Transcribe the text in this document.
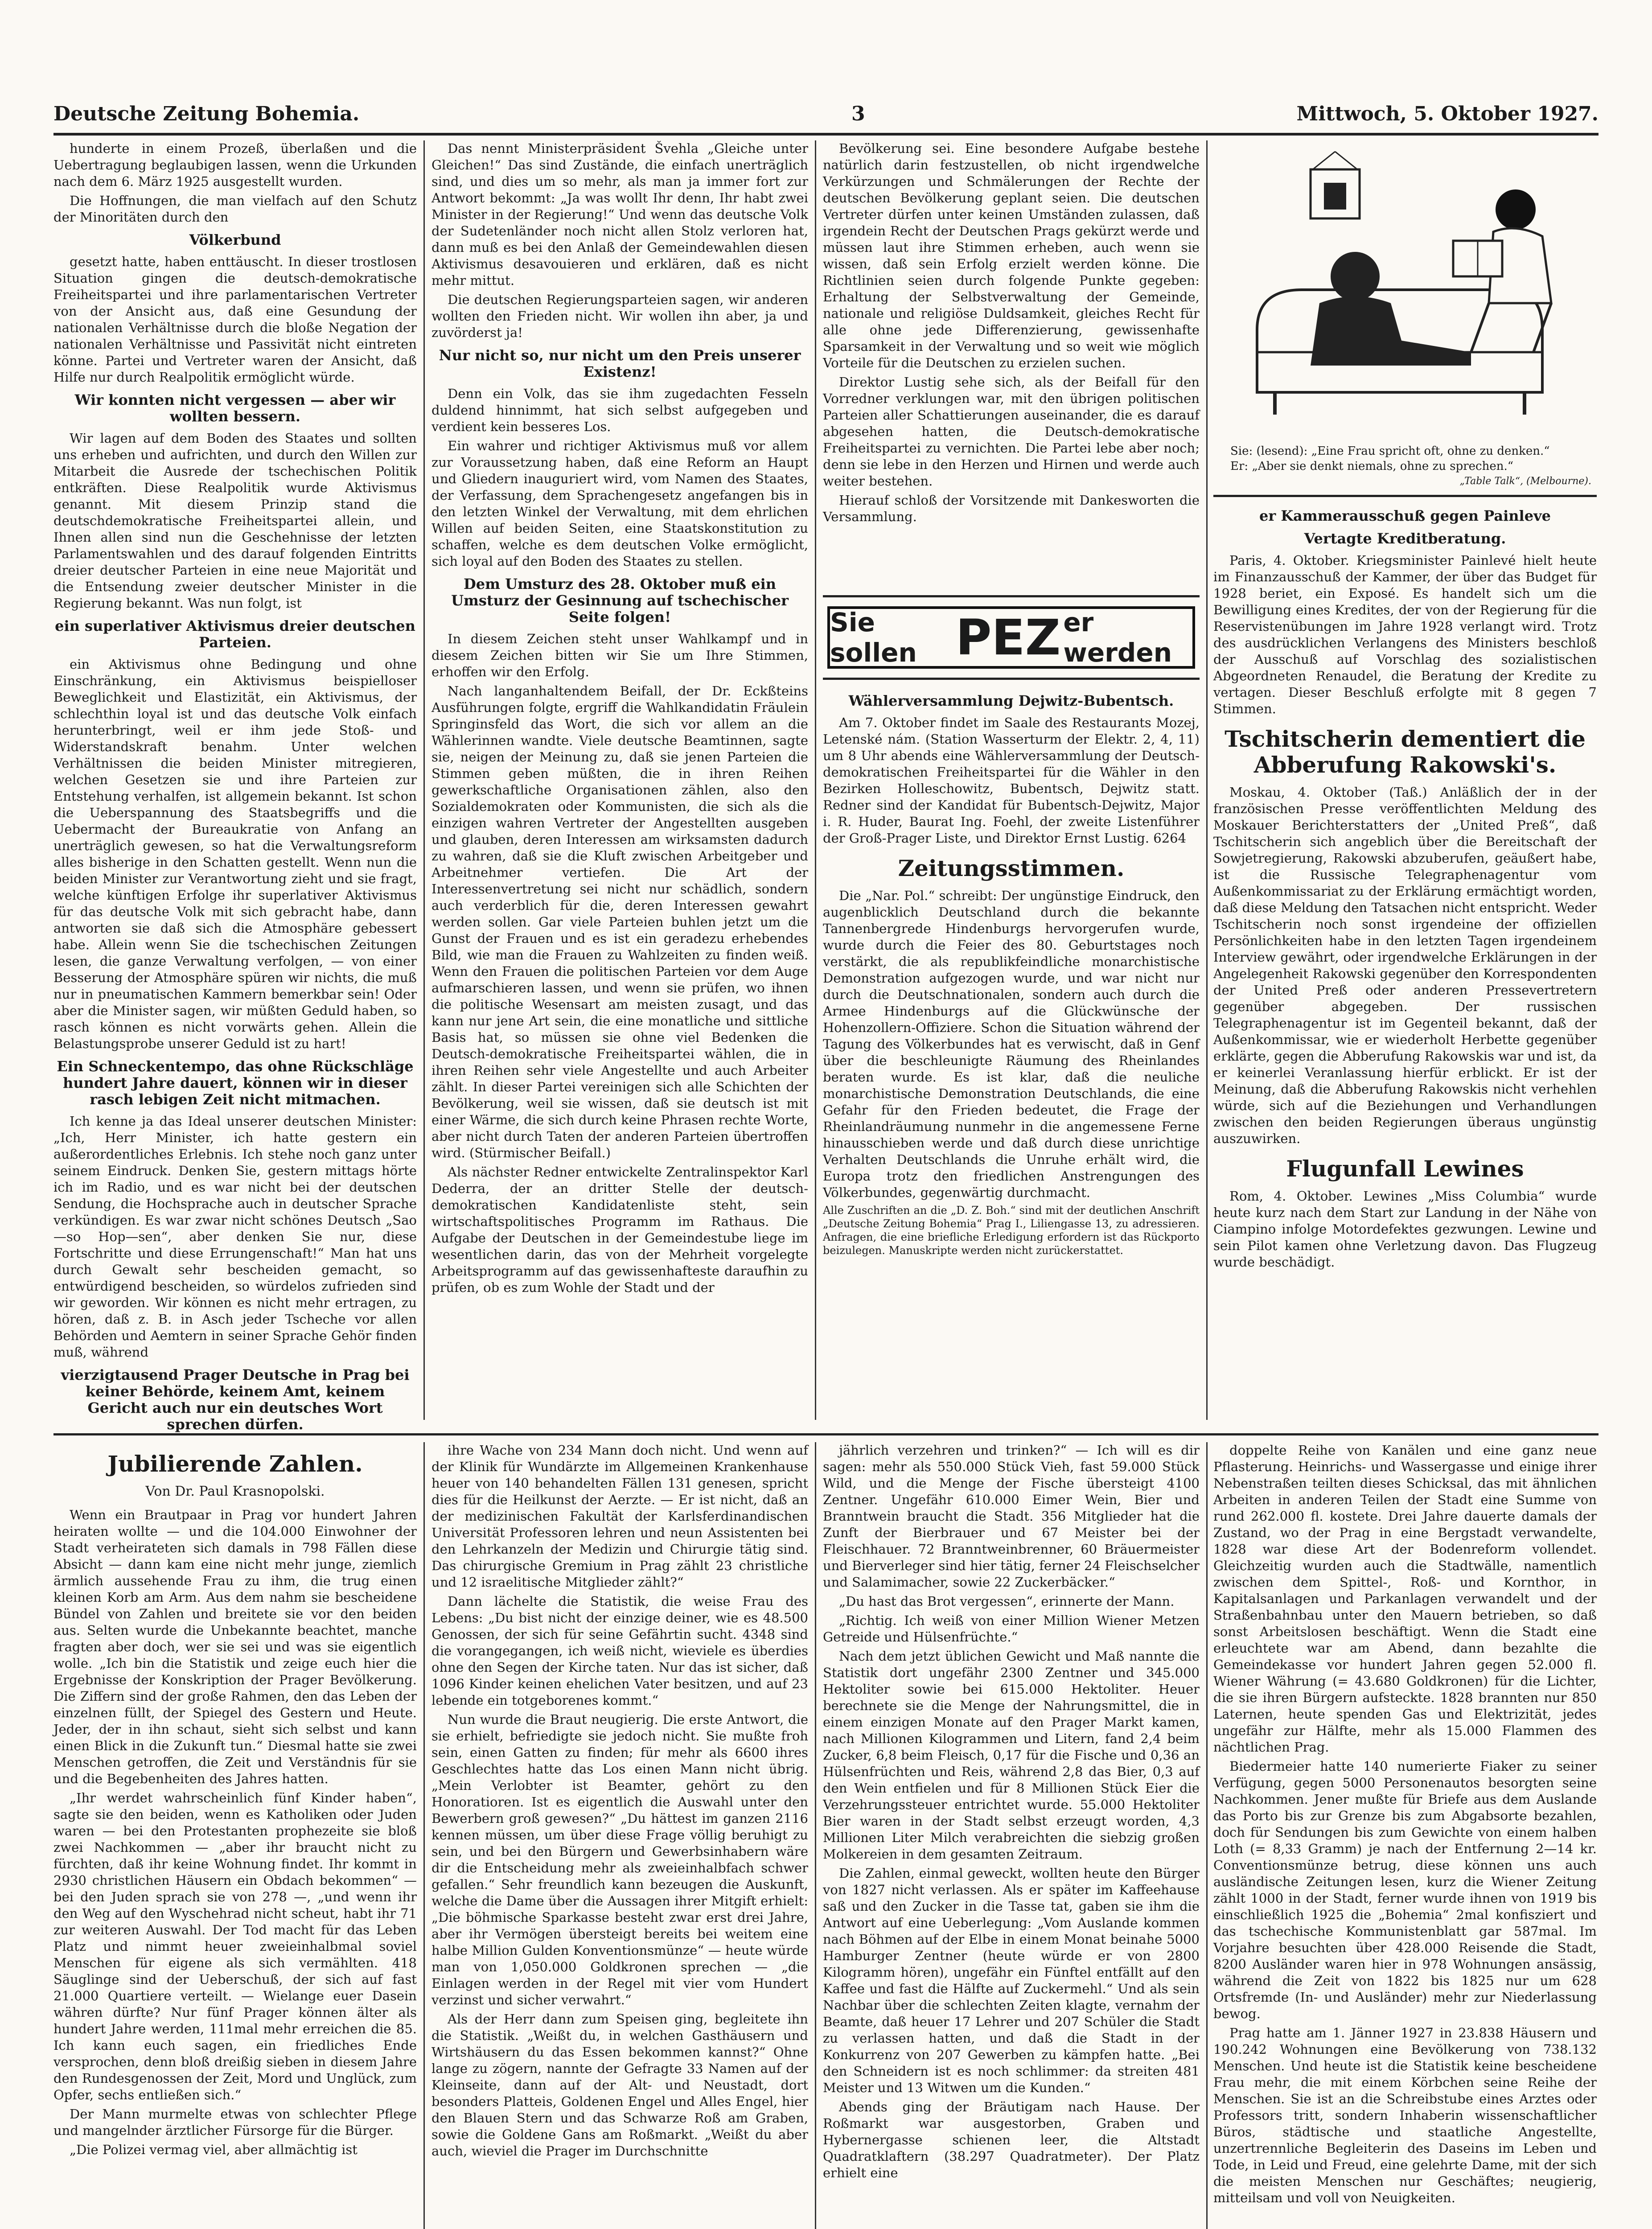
Deutsche Zeitung Bohemia.	3	Mittwoch, 5. Oktober 1927.

hunderte in einem Prozeß, überlaßen und die Uebertragung beglaubigen lassen, wenn die Urkunden nach dem 6. März 1925 ausgestellt wurden.

Die Hoffnungen, die man vielfach auf den Schutz der Minoritäten durch den

Völkerbund

gesetzt hatte, haben enttäuscht. In dieser trostlosen Situation gingen die deutsch-demokratische Freiheitspartei und ihre parlamentarischen Vertreter von der Ansicht aus, daß eine Gesundung der nationalen Verhältnisse durch die bloße Negation der nationalen Verhältnisse und Passivität nicht eintreten könne. Partei und Vertreter waren der Ansicht, daß Hilfe nur durch Realpolitik ermöglicht würde.

Wir konnten nicht vergessen — aber wir wollten bessern.

Wir lagen auf dem Boden des Staates und sollten uns erheben und aufrichten, und durch den Willen zur Mitarbeit die Ausrede der tschechischen Politik entkräften. Diese Realpolitik wurde Aktivismus genannt. Mit diesem Prinzip stand die deutschdemokratische Freiheitspartei allein, und Ihnen allen sind nun die Geschehnisse der letzten Parlamentswahlen und des darauf folgenden Eintritts dreier deutscher Parteien in eine neue Majorität und die Entsendung zweier deutscher Minister in die Regierung bekannt. Was nun folgt, ist

ein superlativer Aktivismus dreier deutschen Parteien.

ein Aktivismus ohne Bedingung und ohne Einschränkung, ein Aktivismus beispielloser Beweglichkeit und Elastizität, ein Aktivismus, der schlechthin loyal ist und das deutsche Volk einfach herunterbringt, weil er ihm jede Stoß- und Widerstandskraft benahm. Unter welchen Verhältnissen die beiden Minister mitregieren, welchen Gesetzen sie und ihre Parteien zur Entstehung verhalfen, ist allgemein bekannt. Ist schon die Ueberspannung des Staatsbegriffs und die Uebermacht der Bureaukratie von Anfang an unerträglich gewesen, so hat die Verwaltungsreform alles bisherige in den Schatten gestellt. Wenn nun die beiden Minister zur Verantwortung zieht und sie fragt, welche künftigen Erfolge ihr superlativer Aktivismus für das deutsche Volk mit sich gebracht habe, dann antworten sie daß sich die Atmosphäre gebessert habe. Allein wenn Sie die tschechischen Zeitungen lesen, die ganze Verwaltung verfolgen, — von einer Besserung der Atmosphäre spüren wir nichts, die muß nur in pneumatischen Kammern bemerkbar sein! Oder aber die Minister sagen, wir müßten Geduld haben, so rasch können es nicht vorwärts gehen. Allein die Belastungsprobe unserer Geduld ist zu hart!

Ein Schneckentempo, das ohne Rückschläge hundert Jahre dauert, können wir in dieser rasch lebigen Zeit nicht mitmachen.

Ich kenne ja das Ideal unserer deutschen Minister: „Ich, Herr Minister, ich hatte gestern ein außerordentliches Erlebnis. Ich stehe noch ganz unter seinem Eindruck. Denken Sie, gestern mittags hörte ich im Radio, und es war nicht bei der deutschen Sendung, die Hochsprache auch in deutscher Sprache verkündigen. Es war zwar nicht schönes Deutsch „Sao—so Hop—sen“, aber denken Sie nur, diese Fortschritte und diese Errungenschaft!“ Man hat uns durch Gewalt sehr bescheiden gemacht, so entwürdigend bescheiden, so würdelos zufrieden sind wir geworden. Wir können es nicht mehr ertragen, zu hören, daß z. B. in Asch jeder Tscheche vor allen Behörden und Aemtern in seiner Sprache Gehör finden muß, während

vierzigtausend Prager Deutsche in Prag bei keiner Behörde, keinem Amt, keinem Gericht auch nur ein deutsches Wort sprechen dürfen.

Das nennt Ministerpräsident Švehla „Gleiche unter Gleichen!“ Das sind Zustände, die einfach unerträglich sind, und dies um so mehr, als man ja immer fort zur Antwort bekommt: „Ja was wollt Ihr denn, Ihr habt zwei Minister in der Regierung!“ Und wenn das deutsche Volk der Sudetenländer noch nicht allen Stolz verloren hat, dann muß es bei den Anlaß der Gemeindewahlen diesen Aktivismus desavouieren und erklären, daß es nicht mehr mittut.

Die deutschen Regierungsparteien sagen, wir anderen wollten den Frieden nicht. Wir wollen ihn aber, ja und zuvörderst ja!

Nur nicht so, nur nicht um den Preis unserer Existenz!

Denn ein Volk, das sie ihm zugedachten Fesseln duldend hinnimmt, hat sich selbst aufgegeben und verdient kein besseres Los.

Ein wahrer und richtiger Aktivismus muß vor allem zur Voraussetzung haben, daß eine Reform an Haupt und Gliedern inauguriert wird, vom Namen des Staates, der Verfassung, dem Sprachengesetz angefangen bis in den letzten Winkel der Verwaltung, mit dem ehrlichen Willen auf beiden Seiten, eine Staatskonstitution zu schaffen, welche es dem deutschen Volke ermöglicht, sich loyal auf den Boden des Staates zu stellen.

Dem Umsturz des 28. Oktober muß ein Umsturz der Gesinnung auf tschechischer Seite folgen!

In diesem Zeichen steht unser Wahlkampf und in diesem Zeichen bitten wir Sie um Ihre Stimmen, erhoffen wir den Erfolg.

Nach langanhaltendem Beifall, der Dr. Eckßteins Ausführungen folgte, ergriff die Wahlkandidatin Fräulein Springinsfeld das Wort, die sich vor allem an die Wählerinnen wandte. Viele deutsche Beamtinnen, sagte sie, neigen der Meinung zu, daß sie jenen Parteien die Stimmen geben müßten, die in ihren Reihen gewerkschaftliche Organisationen zählen, also den Sozialdemokraten oder Kommunisten, die sich als die einzigen wahren Vertreter der Angestellten ausgeben und glauben, deren Interessen am wirksamsten dadurch zu wahren, daß sie die Kluft zwischen Arbeitgeber und Arbeitnehmer vertiefen. Die Art der Interessenvertretung sei nicht nur schädlich, sondern auch verderblich für die, deren Interessen gewahrt werden sollen. Gar viele Parteien buhlen jetzt um die Gunst der Frauen und es ist ein geradezu erhebendes Bild, wie man die Frauen zu Wahlzeiten zu finden weiß. Wenn den Frauen die politischen Parteien vor dem Auge aufmarschieren lassen, und wenn sie prüfen, wo ihnen die politische Wesensart am meisten zusagt, und das kann nur jene Art sein, die eine monatliche und sittliche Basis hat, so müssen sie ohne viel Bedenken die Deutsch-demokratische Freiheitspartei wählen, die in ihren Reihen sehr viele Angestellte und auch Arbeiter zählt. In dieser Partei vereinigen sich alle Schichten der Bevölkerung, weil sie wissen, daß sie deutsch ist mit einer Wärme, die sich durch keine Phrasen rechte Worte, aber nicht durch Taten der anderen Parteien übertroffen wird. (Stürmischer Beifall.)

Als nächster Redner entwickelte Zentralinspektor Karl Dederra, der an dritter Stelle der deutsch-demokratischen Kandidatenliste steht, sein wirtschaftspolitisches Programm im Rathaus. Die Aufgabe der Deutschen in der Gemeindestube liege im wesentlichen darin, das von der Mehrheit vorgelegte Arbeitsprogramm auf das gewissenhafteste daraufhin zu prüfen, ob es zum Wohle der Stadt und der

Bevölkerung sei. Eine besondere Aufgabe bestehe natürlich darin festzustellen, ob nicht irgendwelche Verkürzungen und Schmälerungen der Rechte der deutschen Bevölkerung geplant seien. Die deutschen Vertreter dürfen unter keinen Umständen zulassen, daß irgendein Recht der Deutschen Prags gekürzt werde und müssen laut ihre Stimmen erheben, auch wenn sie wissen, daß sein Erfolg erzielt werden könne. Die Richtlinien seien durch folgende Punkte gegeben: Erhaltung der Selbstverwaltung der Gemeinde, nationale und religiöse Duldsamkeit, gleiches Recht für alle ohne jede Differenzierung, gewissenhafte Sparsamkeit in der Verwaltung und so weit wie möglich Vorteile für die Deutschen zu erzielen suchen.

Direktor Lustig sehe sich, als der Beifall für den Vorredner verklungen war, mit den übrigen politischen Parteien aller Schattierungen auseinander, die es darauf abgesehen hatten, die Deutsch-demokratische Freiheitspartei zu vernichten. Die Partei lebe aber noch; denn sie lebe in den Herzen und Hirnen und werde auch weiter bestehen.

Hierauf schloß der Vorsitzende mit Dankesworten die Versammlung.

Sie sollen PEZ er werden

Wählerversammlung Dejwitz-Bubentsch.

Am 7. Oktober findet im Saale des Restaurants Mozej, Letenské nám. (Station Wasserturm der Elektr. 2, 4, 11) um 8 Uhr abends eine Wählerversammlung der Deutsch-demokratischen Freiheitspartei für die Wähler in den Bezirken Holleschowitz, Bubentsch, Dejwitz statt. Redner sind der Kandidat für Bubentsch-Dejwitz, Major i. R. Huder, Baurat Ing. Foehl, der zweite Listenführer der Groß-Prager Liste, und Direktor Ernst Lustig. 6264

Zeitungsstimmen.

Die „Nar. Pol.“ schreibt: Der ungünstige Eindruck, den augenblicklich Deutschland durch die bekannte Tannenbergrede Hindenburgs hervorgerufen wurde, wurde durch die Feier des 80. Geburtstages noch verstärkt, die als republikfeindliche monarchistische Demonstration aufgezogen wurde, und war nicht nur durch die Deutschnationalen, sondern auch durch die Armee Hindenburgs auf die Glückwünsche der Hohenzollern-Offiziere. Schon die Situation während der Tagung des Völkerbundes hat es verwischt, daß in Genf über die beschleunigte Räumung des Rheinlandes beraten wurde. Es ist klar, daß die neuliche monarchistische Demonstration Deutschlands, die eine Gefahr für den Frieden bedeutet, die Frage der Rheinlandräumung nunmehr in die angemessene Ferne hinausschieben werde und daß durch diese unrichtige Verhalten Deutschlands die Unruhe erhält wird, die Europa trotz den friedlichen Anstrengungen des Völkerbundes, gegenwärtig durchmacht.

Alle Zuschriften an die „D. Z. Boh.“ sind mit der deutlichen Anschrift „Deutsche Zeitung Bohemia“ Prag I., Liliengasse 13, zu adressieren. Anfragen, die eine briefliche Erledigung erfordern ist das Rückporto beizulegen. Manuskripte werden nicht zurückerstattet.

Sie: (lesend): „Eine Frau spricht oft, ohne zu denken.“

Er: „Aber sie denkt niemals, ohne zu sprechen.“

„Table Talk“, (Melbourne).

er Kammerausschuß gegen Painleve

Vertagte Kreditberatung.

Paris, 4. Oktober. Kriegsminister Painlevé hielt heute im Finanzausschuß der Kammer, der über das Budget für 1928 beriet, ein Exposé. Es handelt sich um die Bewilligung eines Kredites, der von der Regierung für die Reservistenübungen im Jahre 1928 verlangt wird. Trotz des ausdrücklichen Verlangens des Ministers beschloß der Ausschuß auf Vorschlag des sozialistischen Abgeordneten Renaudel, die Beratung der Kredite zu vertagen. Dieser Beschluß erfolgte mit 8 gegen 7 Stimmen.

Tschitscherin dementiert die Abberufung Rakowski's.

Moskau, 4. Oktober (Taß.) Anläßlich der in der französischen Presse veröffentlichten Meldung des Moskauer Berichterstatters der „United Preß“, daß Tschitscherin sich angeblich über die Bereitschaft der Sowjetregierung, Rakowski abzuberufen, geäußert habe, ist die Russische Telegraphenagentur vom Außenkommissariat zu der Erklärung ermächtigt worden, daß diese Meldung den Tatsachen nicht entspricht. Weder Tschitscherin noch sonst irgendeine der offiziellen Persönlichkeiten habe in den letzten Tagen irgendeinem Interview gewährt, oder irgendwelche Erklärungen in der Angelegenheit Rakowski gegenüber den Korrespondenten der United Preß oder anderen Pressevertretern gegenüber abgegeben. Der russischen Telegraphenagentur ist im Gegenteil bekannt, daß der Außenkommissar, wie er wiederholt Herbette gegenüber erklärte, gegen die Abberufung Rakowskis war und ist, da er keinerlei Veranlassung hierfür erblickt. Er ist der Meinung, daß die Abberufung Rakowskis nicht verhehlen würde, sich auf die Beziehungen und Verhandlungen zwischen den beiden Regierungen überaus ungünstig auszuwirken.

Flugunfall Lewines

Rom, 4. Oktober. Lewines „Miss Columbia“ wurde heute kurz nach dem Start zur Landung in der Nähe von Ciampino infolge Motordefektes gezwungen. Lewine und sein Pilot kamen ohne Verletzung davon. Das Flugzeug wurde beschädigt.

Jubilierende Zahlen.

Von Dr. Paul Krasnopolski.

Wenn ein Brautpaar in Prag vor hundert Jahren heiraten wollte — und die 104.000 Einwohner der Stadt verheirateten sich damals in 798 Fällen diese Absicht — dann kam eine nicht mehr junge, ziemlich ärmlich aussehende Frau zu ihm, die trug einen kleinen Korb am Arm. Aus dem nahm sie bescheidene Bündel von Zahlen und breitete sie vor den beiden aus. Selten wurde die Unbekannte beachtet, manche fragten aber doch, wer sie sei und was sie eigentlich wolle. „Ich bin die Statistik und zeige euch hier die Ergebnisse der Konskription der Prager Bevölkerung. Die Ziffern sind der große Rahmen, den das Leben der einzelnen füllt, der Spiegel des Gestern und Heute. Jeder, der in ihn schaut, sieht sich selbst und kann einen Blick in die Zukunft tun.“ Diesmal hatte sie zwei Menschen getroffen, die Zeit und Verständnis für sie und die Begebenheiten des Jahres hatten.

„Ihr werdet wahrscheinlich fünf Kinder haben“, sagte sie den beiden, wenn es Katholiken oder Juden waren — bei den Protestanten prophezeite sie bloß zwei Nachkommen — „aber ihr braucht nicht zu fürchten, daß ihr keine Wohnung findet. Ihr kommt in 2930 christlichen Häusern ein Obdach bekommen“ — bei den Juden sprach sie von 278 —, „und wenn ihr den Weg auf den Wyschehrad nicht scheut, habt ihr 71 zur weiteren Auswahl. Der Tod macht für das Leben Platz und nimmt heuer zweieinhalbmal soviel Menschen für eigene als sich vermählten. 418 Säuglinge sind der Ueberschuß, der sich auf fast 21.000 Quartiere verteilt. — Wielange euer Dasein währen dürfte? Nur fünf Prager können älter als hundert Jahre werden, 111mal mehr erreichen die 85. Ich kann euch sagen, ein friedliches Ende versprochen, denn bloß dreißig sieben in diesem Jahre den Rundesgenossen der Zeit, Mord und Unglück, zum Opfer, sechs entließen sich.“

Der Mann murmelte etwas von schlechter Pflege und mangelnder ärztlicher Fürsorge für die Bürger.

„Die Polizei vermag viel, aber allmächtig ist

ihre Wache von 234 Mann doch nicht. Und wenn auf der Klinik für Wundärzte im Allgemeinen Krankenhause heuer von 140 behandelten Fällen 131 genesen, spricht dies für die Heilkunst der Aerzte. — Er ist nicht, daß an der medizinischen Fakultät der Karlsferdinandischen Universität Professoren lehren und neun Assistenten bei den Lehrkanzeln der Medizin und Chirurgie tätig sind. Das chirurgische Gremium in Prag zählt 23 christliche und 12 israelitische Mitglieder zählt?“

Dann lächelte die Statistik, die weise Frau des Lebens: „Du bist nicht der einzige deiner, wie es 48.500 Genossen, der sich für seine Gefährtin sucht. 4348 sind die vorangegangen, ich weiß nicht, wieviele es überdies ohne den Segen der Kirche taten. Nur das ist sicher, daß 1096 Kinder keinen ehelichen Vater besitzen, und auf 23 lebende ein totgeborenes kommt.“

Nun wurde die Braut neugierig. Die erste Antwort, die sie erhielt, befriedigte sie jedoch nicht. Sie mußte froh sein, einen Gatten zu finden; für mehr als 6600 ihres Geschlechtes hatte das Los einen Mann nicht übrig. „Mein Verlobter ist Beamter, gehört zu den Honoratioren. Ist es eigentlich die Auswahl unter den Bewerbern groß gewesen?“ „Du hättest im ganzen 2116 kennen müssen, um über diese Frage völlig beruhigt zu sein, und bei den Bürgern und Gewerbsinhabern wäre dir die Entscheidung mehr als zweieinhalbfach schwer gefallen.“ Sehr freundlich kann bezeugen die Auskunft, welche die Dame über die Aussagen ihrer Mitgift erhielt: „Die böhmische Sparkasse besteht zwar erst drei Jahre, aber ihr Vermögen übersteigt bereits bei weitem eine halbe Million Gulden Konventionsmünze“ — heute würde man von 1,050.000 Goldkronen sprechen — „die Einlagen werden in der Regel mit vier vom Hundert verzinst und sicher verwahrt.“

Als der Herr dann zum Speisen ging, begleitete ihn die Statistik. „Weißt du, in welchen Gasthäusern und Wirtshäusern du das Essen bekommen kannst?“ Ohne lange zu zögern, nannte der Gefragte 33 Namen auf der Kleinseite, dann auf der Alt- und Neustadt, dort besonders Platteis, Goldenen Engel und Alles Engel, hier den Blauen Stern und das Schwarze Roß am Graben, sowie die Goldene Gans am Roßmarkt. „Weißt du aber auch, wieviel die Prager im Durchschnitte

jährlich verzehren und trinken?“ — Ich will es dir sagen: mehr als 550.000 Stück Vieh, fast 59.000 Stück Wild, und die Menge der Fische übersteigt 4100 Zentner. Ungefähr 610.000 Eimer Wein, Bier und Branntwein braucht die Stadt. 356 Mitglieder hat die Zunft der Bierbrauer und 67 Meister bei der Fleischhauer. 72 Branntweinbrenner, 60 Bräuermeister und Bierverleger sind hier tätig, ferner 24 Fleischselcher und Salamimacher, sowie 22 Zuckerbäcker.“

„Du hast das Brot vergessen“, erinnerte der Mann.

„Richtig. Ich weiß von einer Million Wiener Metzen Getreide und Hülsenfrüchte.“

Nach dem jetzt üblichen Gewicht und Maß nannte die Statistik dort ungefähr 2300 Zentner und 345.000 Hektoliter sowie bei 615.000 Hektoliter. Heuer berechnete sie die Menge der Nahrungsmittel, die in einem einzigen Monate auf den Prager Markt kamen, nach Millionen Kilogrammen und Litern, fand 2,4 beim Zucker, 6,8 beim Fleisch, 0,17 für die Fische und 0,36 an Hülsenfrüchten und Reis, während 2,8 das Bier, 0,3 auf den Wein entfielen und für 8 Millionen Stück Eier die Verzehrungssteuer entrichtet wurde. 55.000 Hektoliter Bier waren in der Stadt selbst erzeugt worden, 4,3 Millionen Liter Milch verabreichten die siebzig großen Molkereien in dem gesamten Zeitraum.

Die Zahlen, einmal geweckt, wollten heute den Bürger von 1827 nicht verlassen. Als er später im Kaffeehause saß und den Zucker in die Tasse tat, gaben sie ihm die Antwort auf eine Ueberlegung: „Vom Auslande kommen nach Böhmen auf der Elbe in einem Monat beinahe 5000 Hamburger Zentner (heute würde er von 2800 Kilogramm hören), ungefähr ein Fünftel entfällt auf den Kaffee und fast die Hälfte auf Zuckermehl.“ Und als sein Nachbar über die schlechten Zeiten klagte, vernahm der Beamte, daß heuer 17 Lehrer und 207 Schüler die Stadt zu verlassen hatten, und daß die Stadt in der Konkurrenz von 207 Gewerben zu kämpfen hatte. „Bei den Schneidern ist es noch schlimmer: da streiten 481 Meister und 13 Witwen um die Kunden.“

Abends ging der Bräutigam nach Hause. Der Roßmarkt war ausgestorben, Graben und Hybernergasse schienen leer, die Altstadt Quadratklaftern (38.297 Quadratmeter). Der Platz erhielt eine

doppelte Reihe von Kanälen und eine ganz neue Pflasterung. Heinrichs- und Wassergasse und einige ihrer Nebenstraßen teilten dieses Schicksal, das mit ähnlichen Arbeiten in anderen Teilen der Stadt eine Summe von rund 262.000 fl. kostete. Drei Jahre dauerte damals der Zustand, wo der Prag in eine Bergstadt verwandelte, 1828 war diese Art der Bodenreform vollendet. Gleichzeitig wurden auch die Stadtwälle, namentlich zwischen dem Spittel-, Roß- und Kornthor, in Kapitalsanlagen und Parkanlagen verwandelt und der Straßenbahnbau unter den Mauern betrieben, so daß sonst Arbeitslosen beschäftigt. Wenn die Stadt eine erleuchtete war am Abend, dann bezahlte die Gemeindekasse vor hundert Jahren gegen 52.000 fl. Wiener Währung (= 43.680 Goldkronen) für die Lichter, die sie ihren Bürgern aufsteckte. 1828 brannten nur 850 Laternen, heute spenden Gas und Elektrizität, jedes ungefähr zur Hälfte, mehr als 15.000 Flammen des nächtlichen Prag.

Biedermeier hatte 140 numerierte Fiaker zu seiner Verfügung, gegen 5000 Personenautos besorgten seine Nachkommen. Jener mußte für Briefe aus dem Auslande das Porto bis zur Grenze bis zum Abgabsorte bezahlen, doch für Sendungen bis zum Gewichte von einem halben Loth (= 8,33 Gramm) je nach der Entfernung 2—14 kr. Conventionsmünze betrug, diese können uns auch ausländische Zeitungen lesen, kurz die Wiener Zeitung zählt 1000 in der Stadt, ferner wurde ihnen von 1919 bis einschließlich 1925 die „Bohemia“ 2mal konfisziert und das tschechische Kommunistenblatt gar 587mal. Im Vorjahre besuchten über 428.000 Reisende die Stadt, 8200 Ausländer waren hier in 978 Wohnungen ansässig, während die Zeit von 1822 bis 1825 nur um 628 Ortsfremde (In- und Ausländer) mehr zur Niederlassung bewog.

Prag hatte am 1. Jänner 1927 in 23.838 Häusern und 190.242 Wohnungen eine Bevölkerung von 738.132 Menschen. Und heute ist die Statistik keine bescheidene Frau mehr, die mit einem Körbchen seine Reihe der Menschen. Sie ist an die Schreibstube eines Arztes oder Professors tritt, sondern Inhaberin wissenschaftlicher Büros, städtische und staatliche Angestellte, unzertrennliche Begleiterin des Daseins im Leben und Tode, in Leid und Freud, eine gelehrte Dame, mit der sich die meisten Menschen nur Geschäftes; neugierig, mitteilsam und voll von Neuigkeiten.
